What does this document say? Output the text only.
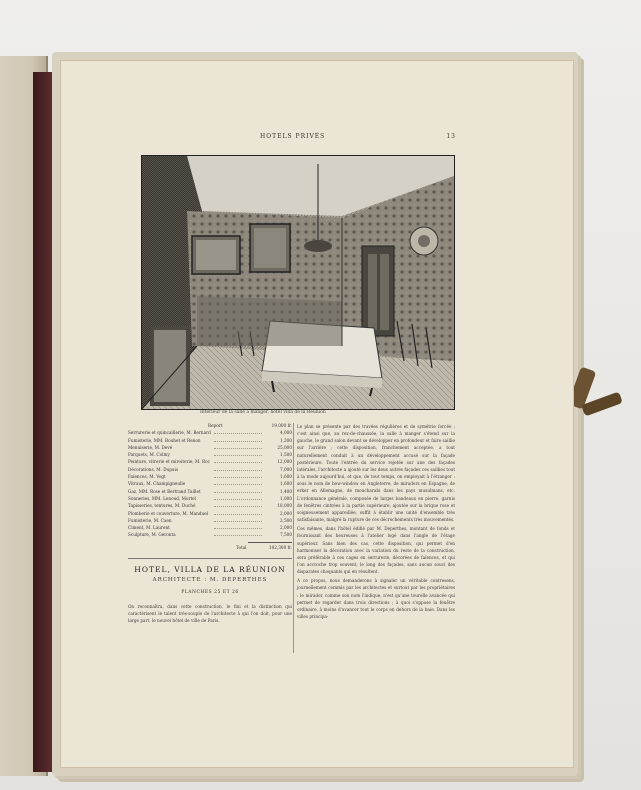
HOTELS PRIVÉS	13
Intérieur de la salle à manger, hôtel villa de la Réunion
Report	19,000 fr.
Serrurerie et quincaillerie, M. Bernard	4,000
Fumisterie, MM. Rouhet et Renon	1,200
Menuiserie, M. Devé	25,000
Parquets, M. Colmy	1,500
Peinture, vitrerie et miroiterie, M. Roc	12,000
Décorations, M. Dupuis	7,000
Faïences, M. Vogt	1,600
Vitraux, M. Champigneulle	1,600
Gaz, MM. Rose et Bertrand Taillet	1,400
Sonneries, MM. Lenoud, Mortel	1,000
Tapisseries, tentures, M. Duché	18,000
Plomberie et couverture, M. Manduel	2,000
Fumisterie, M. Caen	2,500
Ciment, M. Laurent	2,000
Sculpture, M. Geronta	7,500
Total	102,300 fr.
HOTEL, VILLA DE LA RÉUNION
ARCHITECTE : M. DEPERTHES
PLANCHES 25 ET 26
On reconnaîtra, dans cette construction, le fini et la distinction qui caractérisent le talent très-souple de l'architecte à qui l'on doit, pour une large part, le nouvel hôtel de ville de Paris.

Le plan se présente par des travées régulières et de symétrie forcée ; c'est ainsi que, au rez-de-chaussée, la salle à manger s'étend sur la gauche, le grand salon devant se développer en profondeur et faire saillie sur l'arrière ; cette disposition, franchement acceptée, a tout naturellement conduit à un développement accusé sur la façade postérieure. Toute l'entrée du service rejetée sur une des façades latérales, l'architecte a ajouté sur les deux autres façades ces saillies tout à la mode aujourd'hui, et que, de tout temps, on employait à l'étranger : sous le nom de bow-window en Angleterre, de miradors en Espagne, de erker en Allemagne, de moucharabi dans les pays musulmans, etc. L'ordonnance générale, composée de larges bandeaux en pierre, garnis de fenêtres cintrées à la partie supérieure, ajoutée sur la brique rose et soigneusement appareillée, suffit à établir une unité d'ensemble très satisfaisante, malgré la rupture de ces décrochements très mouvementés.

Ces mêmes, dans l'hôtel édifié par M. Deperthes, montant de fonds et fournissant des heureuses à l'atelier logé dans l'angle de l'étage supérieur. Sans bien des cas, cette disposition, qui permet d'en harmoniser la décoration avec la variation du reste de la construction, sera préférable à ces cages en serrurerie, décorées de faïences, et qui l'on accroche trop souvent, le long des façades, sans aucun souci des disparates choquants qui en résultent.

A ce propos, nous demanderons à signaler un véritable contresens, journellement commis par les architectes et surtout par les propriétaires : le mirador, comme son nom l'indique, n'est qu'une tourelle avancée qui permet de regarder dans trois directions ; à quoi s'oppose la fenêtre ordinaire, à moins d'avancer tout le corps en dehors de la baie. Dans les villes principa-
